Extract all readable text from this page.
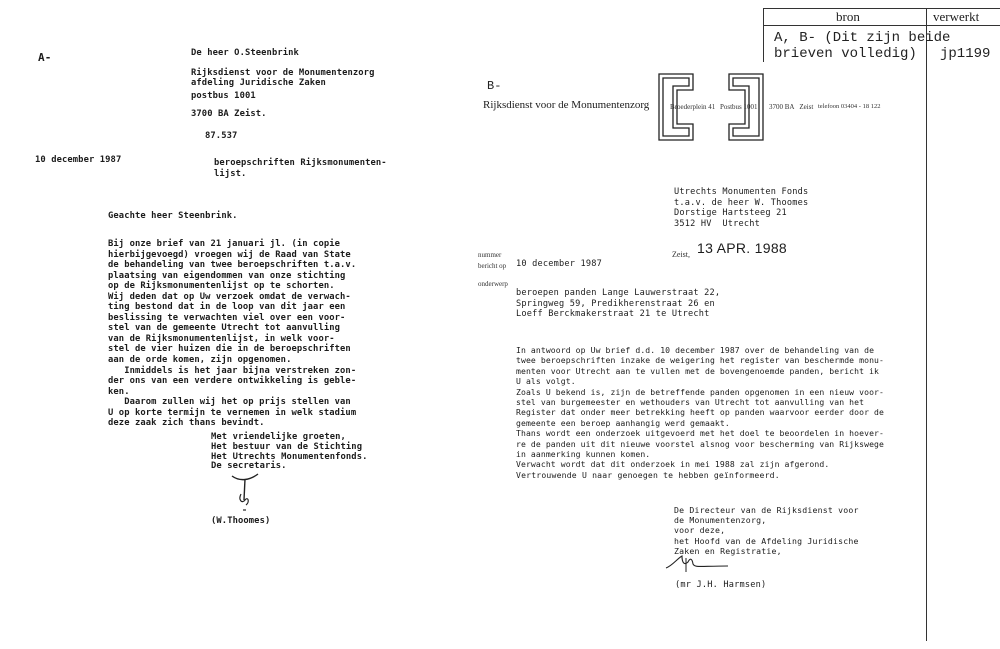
bron	verwerkt
A, B- (Dit zijn beide
brieven volledig)	jp1199
A-	De heer O.Steenbrink
Rijksdienst voor de Monumentenzorg
afdeling Juridische Zaken
postbus 1001
3700 BA Zeist.
87.537
10 december 1987	beroepschriften Rijksmonumenten-
lijst.
Geachte heer Steenbrink.
Bij onze brief van 21 januari jl. (in copie
hierbijgevoegd) vroegen wij de Raad van State
de behandeling van twee beroepschriften t.a.v.
plaatsing van eigendommen van onze stichting
op de Rijksmonumentenlijst op te schorten.
Wij deden dat op Uw verzoek omdat de verwach-
ting bestond dat in de loop van dit jaar een
beslissing te verwachten viel over een voor-
stel van de gemeente Utrecht tot aanvulling
van de Rijksmonumentenlijst, in welk voor-
stel de vier huizen die in de beroepschriften
aan de orde komen, zijn opgenomen.
Inmiddels is het jaar bijna verstreken zon-
der ons van een verdere ontwikkeling is geble-
ken.
Daarom zullen wij het op prijs stellen van
U op korte termijn te vernemen in welk stadium
deze zaak zich thans bevindt.
Met vriendelijke groeten,
Het bestuur van de Stichting
Het Utrechts Monumentenfonds.
De secretaris.
(W.Thoomes)
B-
Rijksdienst voor de Monumentenzorg	Broederplein 41 Postbus 1001 3700 BA   Zeist telefoon 03404 - 18 122
Utrechts Monumenten Fonds
t.a.v. de heer W. Thoomes
Dorstige Hartsteeg 21
3512 HV  Utrecht
Zeist, 13 APR. 1988
nummer
bericht op 10 december 1987
onderwerp
beroepen panden Lange Lauwerstraat 22,
Springweg 59, Predikherenstraat 26 en
Loeff Berckmakerstraat 21 te Utrecht
In antwoord op Uw brief d.d. 10 december 1987 over de behandeling van de
twee beroepschriften inzake de weigering het register van beschermde monu-
menten voor Utrecht aan te vullen met de bovengenoemde panden, bericht ik
U als volgt.
Zoals U bekend is, zijn de betreffende panden opgenomen in een nieuw voor-
stel van burgemeester en wethouders van Utrecht tot aanvulling van het
Register dat onder meer betrekking heeft op panden waarvoor eerder door de
gemeente een beroep aanhangig werd gemaakt.
Thans wordt een onderzoek uitgevoerd met het doel te beoordelen in hoever-
re de panden uit dit nieuwe voorstel alsnog voor bescherming van Rijkswege
in aanmerking kunnen komen.
Verwacht wordt dat dit onderzoek in mei 1988 zal zijn afgerond.
Vertrouwende U naar genoegen te hebben geïnformeerd.
De Directeur van de Rijksdienst voor
de Monumentenzorg,
voor deze,
het Hoofd van de Afdeling Juridische
Zaken en Registratie,
(mr J.H. Harmsen)
